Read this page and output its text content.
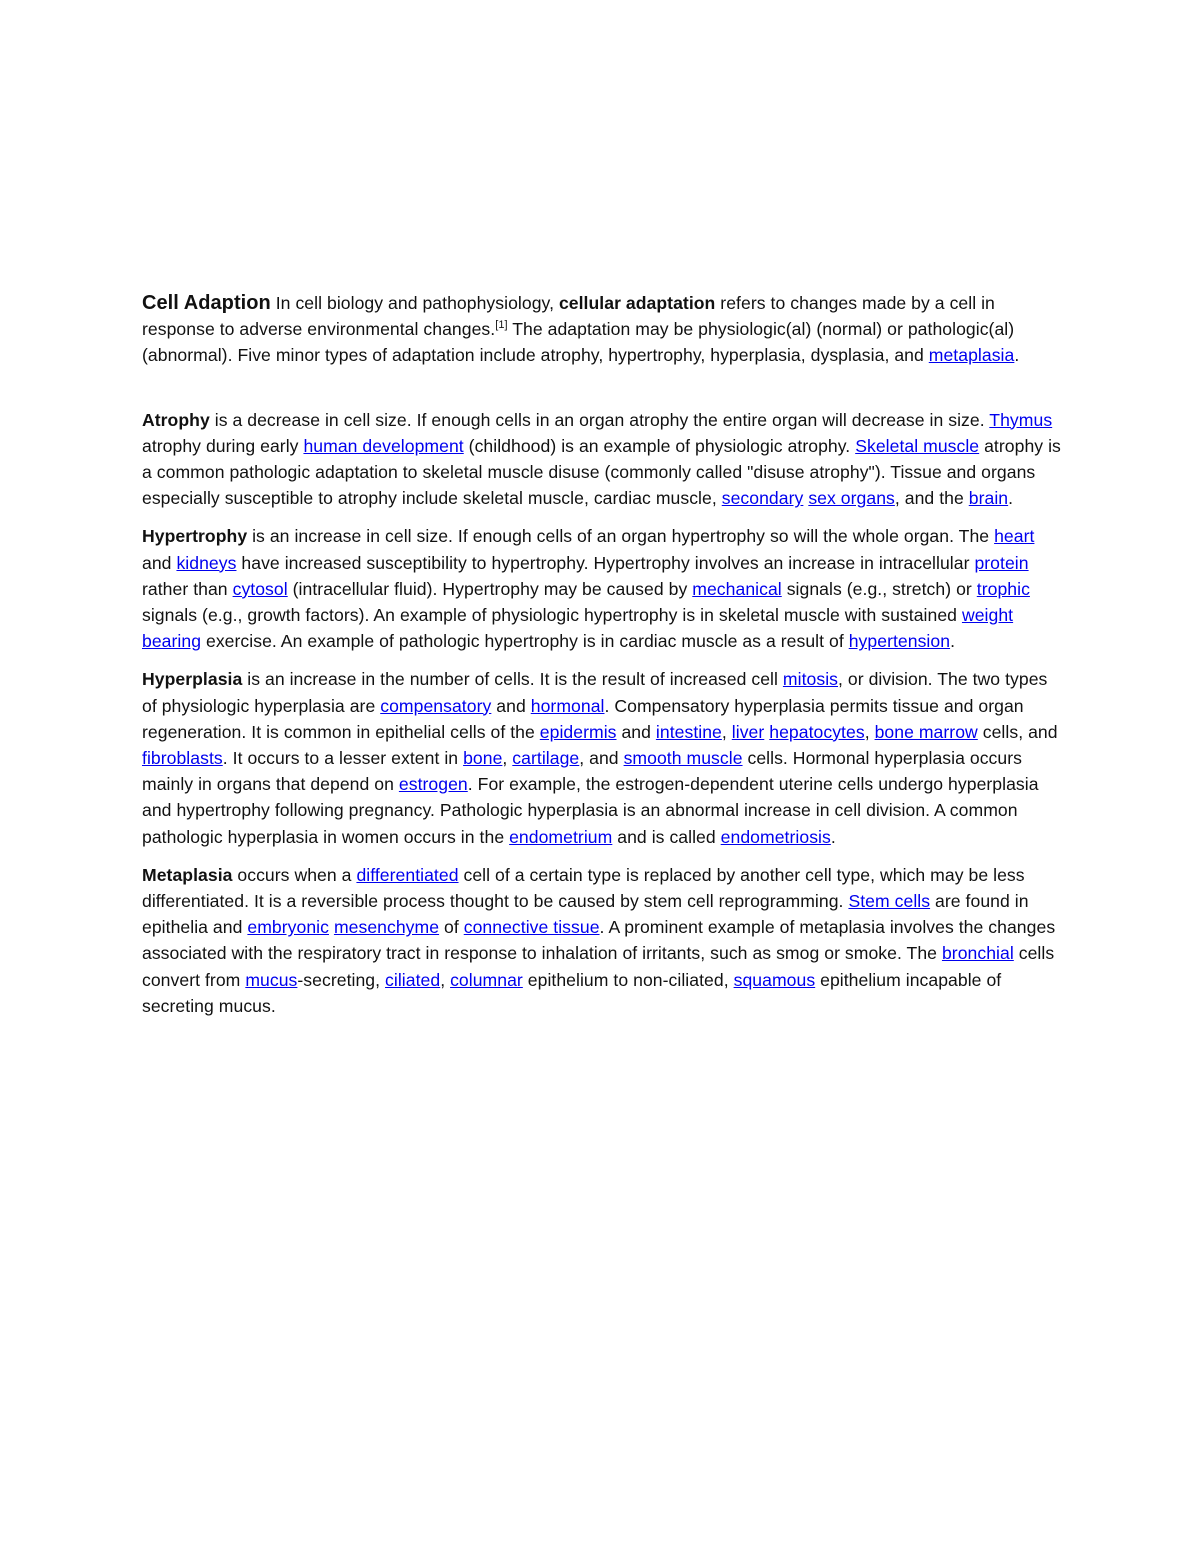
Cell Adaption In cell biology and pathophysiology, cellular adaptation refers to changes made by a cell in response to adverse environmental changes.[1] The adaptation may be physiologic(al) (normal) or pathologic(al) (abnormal). Five minor types of adaptation include atrophy, hypertrophy, hyperplasia, dysplasia, and metaplasia.

Atrophy is a decrease in cell size. If enough cells in an organ atrophy the entire organ will decrease in size. Thymus atrophy during early human development (childhood) is an example of physiologic atrophy. Skeletal muscle atrophy is a common pathologic adaptation to skeletal muscle disuse (commonly called "disuse atrophy"). Tissue and organs especially susceptible to atrophy include skeletal muscle, cardiac muscle, secondary sex organs, and the brain.

Hypertrophy is an increase in cell size. If enough cells of an organ hypertrophy so will the whole organ. The heart and kidneys have increased susceptibility to hypertrophy. Hypertrophy involves an increase in intracellular protein rather than cytosol (intracellular fluid). Hypertrophy may be caused by mechanical signals (e.g., stretch) or trophic signals (e.g., growth factors). An example of physiologic hypertrophy is in skeletal muscle with sustained weight bearing exercise. An example of pathologic hypertrophy is in cardiac muscle as a result of hypertension.

Hyperplasia is an increase in the number of cells. It is the result of increased cell mitosis, or division. The two types of physiologic hyperplasia are compensatory and hormonal. Compensatory hyperplasia permits tissue and organ regeneration. It is common in epithelial cells of the epidermis and intestine, liver hepatocytes, bone marrow cells, and fibroblasts. It occurs to a lesser extent in bone, cartilage, and smooth muscle cells. Hormonal hyperplasia occurs mainly in organs that depend on estrogen. For example, the estrogen-dependent uterine cells undergo hyperplasia and hypertrophy following pregnancy. Pathologic hyperplasia is an abnormal increase in cell division. A common pathologic hyperplasia in women occurs in the endometrium and is called endometriosis.

Metaplasia occurs when a differentiated cell of a certain type is replaced by another cell type, which may be less differentiated. It is a reversible process thought to be caused by stem cell reprogramming. Stem cells are found in epithelia and embryonic mesenchyme of connective tissue. A prominent example of metaplasia involves the changes associated with the respiratory tract in response to inhalation of irritants, such as smog or smoke. The bronchial cells convert from mucus-secreting, ciliated, columnar epithelium to non-ciliated, squamous epithelium incapable of secreting mucus.
